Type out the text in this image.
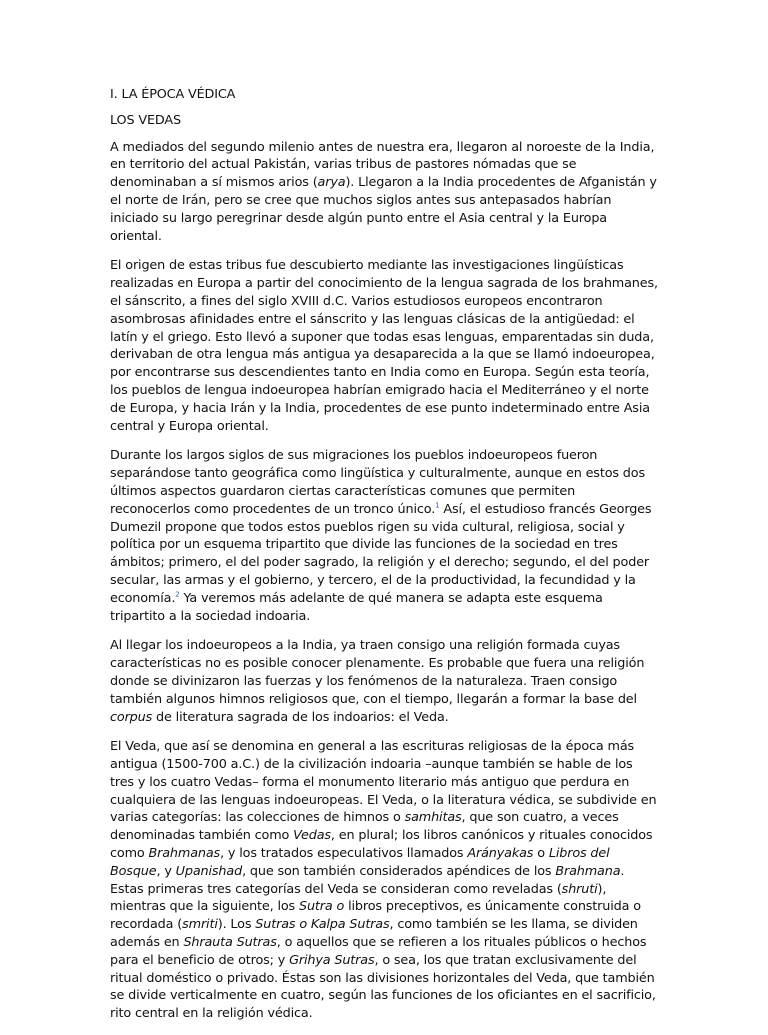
I. LA ÉPOCA VÉDICA

LOS VEDAS

A mediados del segundo milenio antes de nuestra era, llegaron al noroeste de la India, en territorio del actual Pakistán, varias tribus de pastores nómadas que se denominaban a sí mismos arios (arya). Llegaron a la India procedentes de Afganistán y el norte de Irán, pero se cree que muchos siglos antes sus antepasados habrían iniciado su largo peregrinar desde algún punto entre el Asia central y la Europa oriental.

El origen de estas tribus fue descubierto mediante las investigaciones lingüísticas realizadas en Europa a partir del conocimiento de la lengua sagrada de los brahmanes, el sánscrito, a fines del siglo XVIII d.C. Varios estudiosos europeos encontraron asombrosas afinidades entre el sánscrito y las lenguas clásicas de la antigüedad: el latín y el griego. Esto llevó a suponer que todas esas lenguas, emparentadas sin duda, derivaban de otra lengua más antigua ya desaparecida a la que se llamó indoeuropea, por encontrarse sus descendientes tanto en India como en Europa. Según esta teoría, los pueblos de lengua indoeuropea habrían emigrado hacia el Mediterráneo y el norte de Europa, y hacia Irán y la India, procedentes de ese punto indeterminado entre Asia central y Europa oriental.

Durante los largos siglos de sus migraciones los pueblos indoeuropeos fueron separándose tanto geográfica como lingüística y culturalmente, aunque en estos dos últimos aspectos guardaron ciertas características comunes que permiten reconocerlos como procedentes de un tronco único.$^1$ Así, el estudioso francés Georges Dumezil propone que todos estos pueblos rigen su vida cultural, religiosa, social y política por un esquema tripartito que divide las funciones de la sociedad en tres ámbitos; primero, el del poder sagrado, la religión y el derecho; segundo, el del poder secular, las armas y el gobierno, y tercero, el de la productividad, la fecundidad y la economía.$^2$ Ya veremos más adelante de qué manera se adapta este esquema tripartito a la sociedad indoaria.

Al llegar los indoeuropeos a la India, ya traen consigo una religión formada cuyas características no es posible conocer plenamente. Es probable que fuera una religión donde se divinizaron las fuerzas y los fenómenos de la naturaleza. Traen consigo también algunos himnos religiosos que, con el tiempo, llegarán a formar la base del corpus de literatura sagrada de los indoarios: el Veda.

El Veda, que así se denomina en general a las escrituras religiosas de la época más antigua (1500-700 a.C.) de la civilización indoaria –aunque también se hable de los tres y los cuatro Vedas– forma el monumento literario más antiguo que perdura en cualquiera de las lenguas indoeuropeas. El Veda, o la literatura védica, se subdivide en varias categorías: las colecciones de himnos o samhitas, que son cuatro, a veces denominadas también como Vedas, en plural; los libros canónicos y rituales conocidos como Brahmanas, y los tratados especulativos llamados Arányakas o Libros del Bosque, y Upanishad, que son también considerados apéndices de los Brahmana. Estas primeras tres categorías del Veda se consideran como reveladas (shruti), mientras que la siguiente, los Sutra o libros preceptivos, es únicamente construida o recordada (smriti). Los Sutras o Kalpa Sutras, como también se les llama, se dividen además en Shrauta Sutras, o aquellos que se refieren a los rituales públicos o hechos para el beneficio de otros; y Grihya Sutras, o sea, los que tratan exclusivamente del ritual doméstico o privado. Éstas son las divisiones horizontales del Veda, que también se divide verticalmente en cuatro, según las funciones de los oficiantes en el sacrificio, rito central en la religión védica.
